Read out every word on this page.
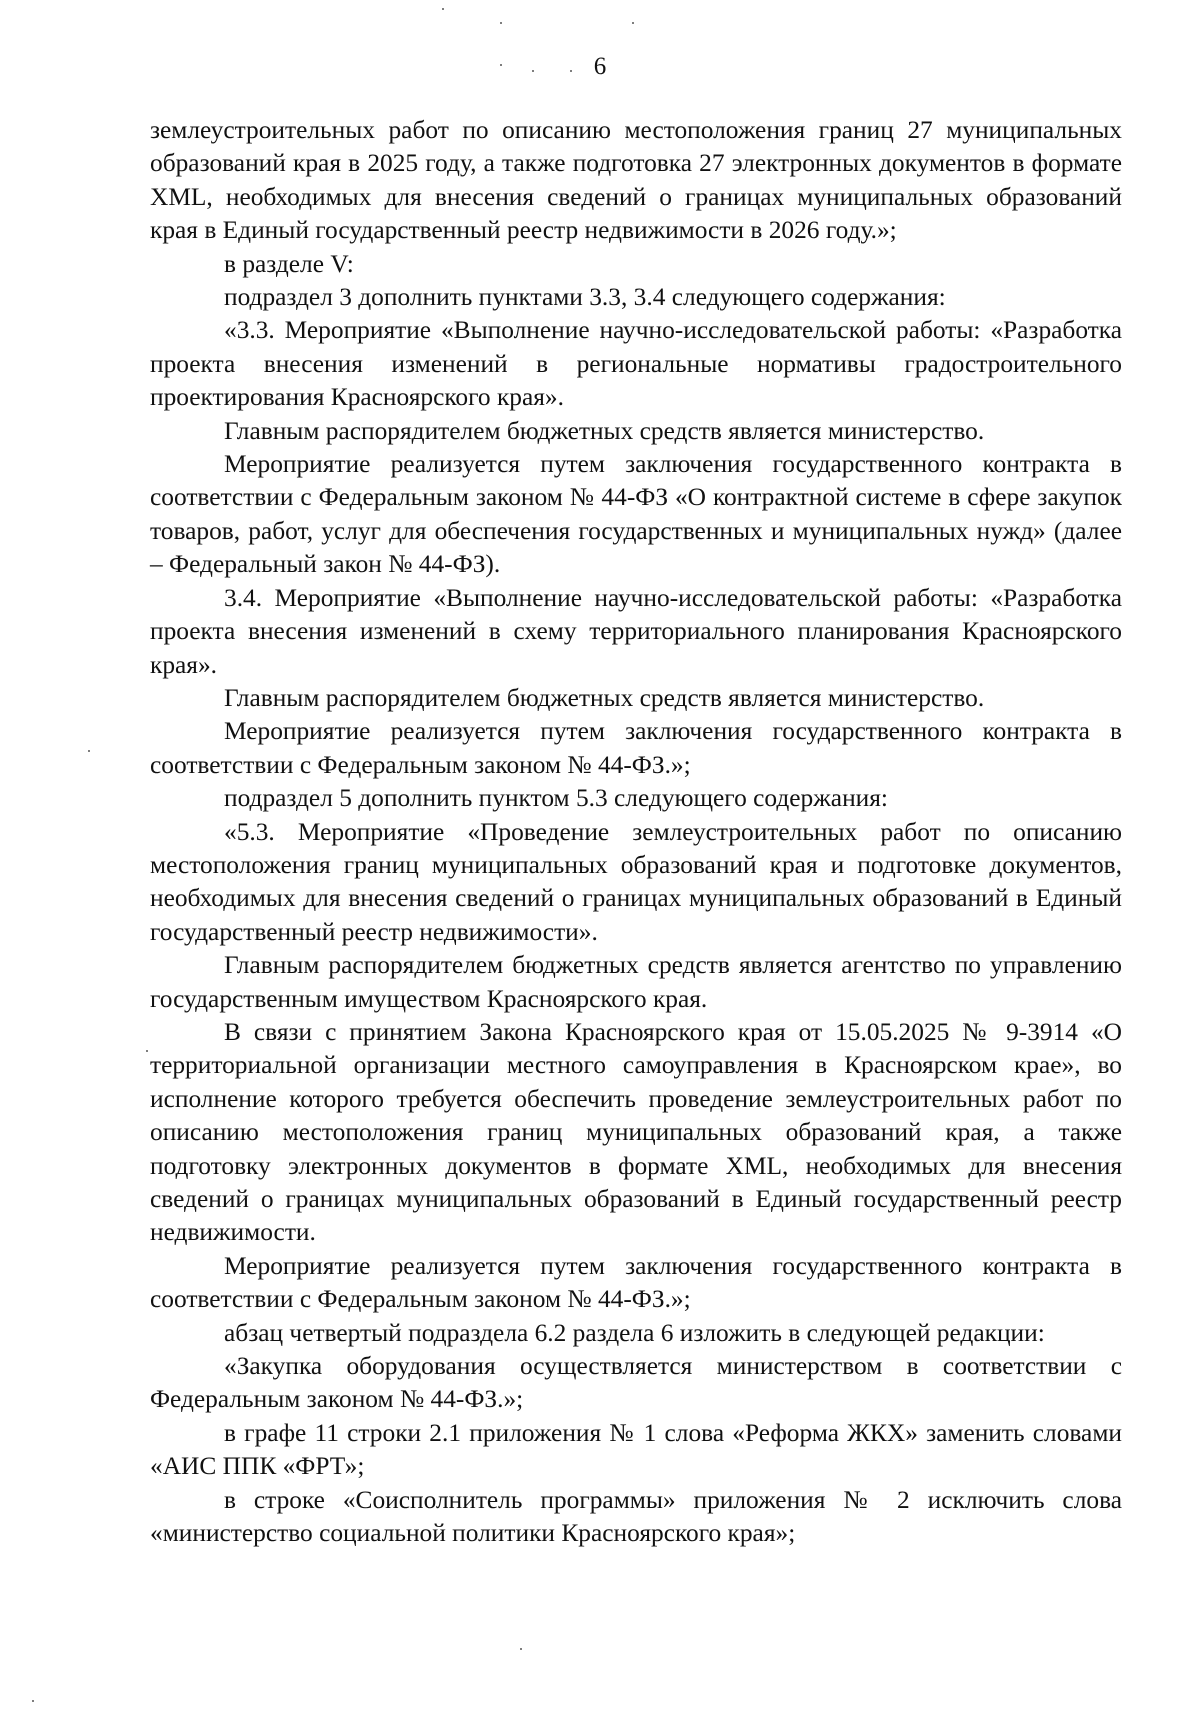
6

землеустроительных работ по описанию местоположения границ 27 муниципальных образований края в 2025 году, а также подготовка 27 электронных документов в формате XML, необходимых для внесения сведений о границах муниципальных образований края в Единый государственный реестр недвижимости в 2026 году.»;

в разделе V:

подраздел 3 дополнить пунктами 3.3, 3.4 следующего содержания:

«3.3. Мероприятие «Выполнение научно-исследовательской работы: «Разработка проекта внесения изменений в региональные нормативы градостроительного проектирования Красноярского края».

Главным распорядителем бюджетных средств является министерство.

Мероприятие реализуется путем заключения государственного контракта в соответствии с Федеральным законом № 44-ФЗ «О контрактной системе в сфере закупок товаров, работ, услуг для обеспечения государственных и муниципальных нужд» (далее – Федеральный закон № 44-ФЗ).

3.4. Мероприятие «Выполнение научно-исследовательской работы: «Разработка проекта внесения изменений в схему территориального планирования Красноярского края».

Главным распорядителем бюджетных средств является министерство.

Мероприятие реализуется путем заключения государственного контракта в соответствии с Федеральным законом № 44-ФЗ.»;

подраздел 5 дополнить пунктом 5.3 следующего содержания:

«5.3. Мероприятие «Проведение землеустроительных работ по описанию местоположения границ муниципальных образований края и подготовке документов, необходимых для внесения сведений о границах муниципальных образований в Единый государственный реестр недвижимости».

Главным распорядителем бюджетных средств является агентство по управлению государственным имуществом Красноярского края.

В связи с принятием Закона Красноярского края от 15.05.2025 № 9-3914 «О территориальной организации местного самоуправления в Красноярском крае», во исполнение которого требуется обеспечить проведение землеустроительных работ по описанию местоположения границ муниципальных образований края, а также подготовку электронных документов в формате XML, необходимых для внесения сведений о границах муниципальных образований в Единый государственный реестр недвижимости.

Мероприятие реализуется путем заключения государственного контракта в соответствии с Федеральным законом № 44-ФЗ.»;

абзац четвертый подраздела 6.2 раздела 6 изложить в следующей редакции:

«Закупка оборудования осуществляется министерством в соответствии с Федеральным законом № 44-ФЗ.»;

в графе 11 строки 2.1 приложения № 1 слова «Реформа ЖКХ» заменить словами «АИС ППК «ФРТ»;

в строке «Соисполнитель программы» приложения № 2 исключить слова «министерство социальной политики Красноярского края»;
